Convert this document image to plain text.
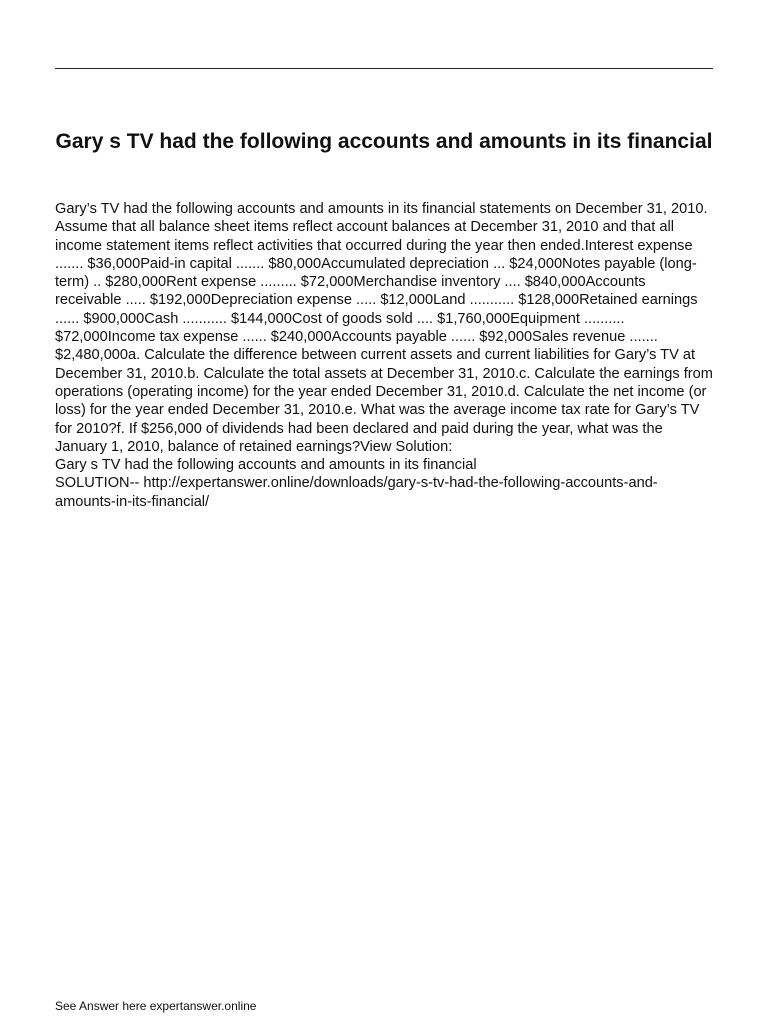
Gary s TV had the following accounts and amounts in its financial

Gary’s TV had the following accounts and amounts in its financial statements on December 31, 2010. Assume that all balance sheet items reflect account balances at December 31, 2010 and that all income statement items reflect activities that occurred during the year then ended.Interest expense ....... $36,000Paid-in capital ....... $80,000Accumulated depreciation ... $24,000Notes payable (long-term) .. $280,000Rent expense ......... $72,000Merchandise inventory .... $840,000Accounts receivable ..... $192,000Depreciation expense ..... $12,000Land ........... $128,000Retained earnings ...... $900,000Cash ........... $144,000Cost of goods sold .... $1,760,000Equipment .......... $72,000Income tax expense ...... $240,000Accounts payable ...... $92,000Sales revenue ....... $2,480,000a. Calculate the difference between current assets and current liabilities for Gary’s TV at December 31, 2010.b. Calculate the total assets at December 31, 2010.c. Calculate the earnings from operations (operating income) for the year ended December 31, 2010.d. Calculate the net income (or loss) for the year ended December 31, 2010.e. What was the average income tax rate for Gary’s TV for 2010?f. If $256,000 of dividends had been declared and paid during the year, what was the January 1, 2010, balance of retained earnings?View Solution:

Gary s TV had the following accounts and amounts in its financial

SOLUTION-- http://expertanswer.online/downloads/gary-s-tv-had-the-following-accounts-and-amounts-in-its-financial/

See Answer here expertanswer.online
